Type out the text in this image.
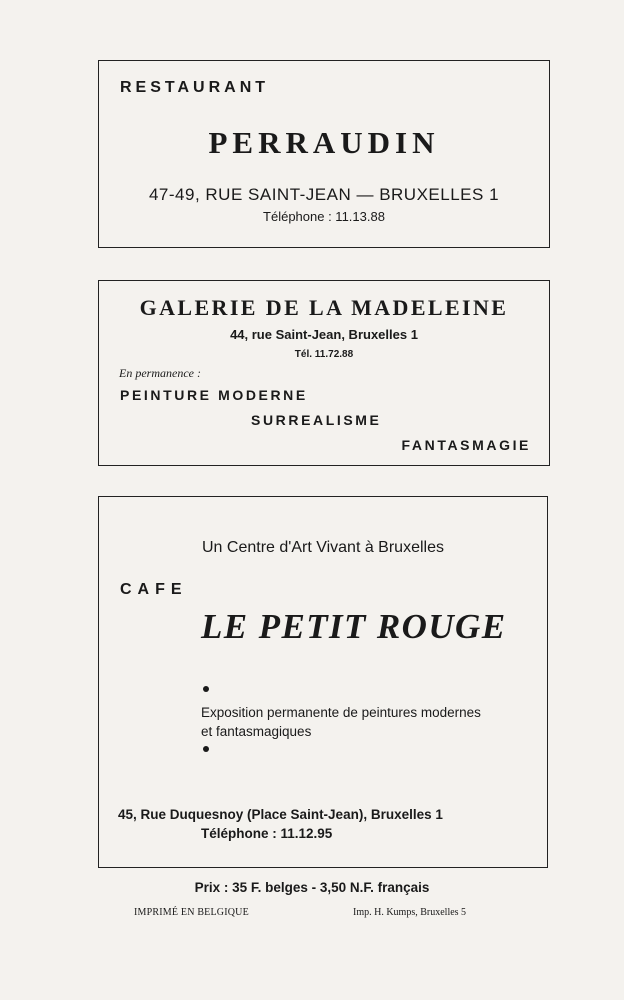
RESTAURANT
PERRAUDIN
47-49, RUE SAINT-JEAN — BRUXELLES 1
Téléphone : 11.13.88
GALERIE DE LA MADELEINE
44, rue Saint-Jean, Bruxelles 1
Tél. 11.72.88
En permanence :
PEINTURE MODERNE
SURREALISME
FANTASMAGIE
Un Centre d'Art Vivant à Bruxelles
CAFE
LE PETIT ROUGE
Exposition permanente de peintures modernes
et fantasmagiques
45, Rue Duquesnoy (Place Saint-Jean), Bruxelles 1
Téléphone : 11.12.95
Prix : 35 F. belges - 3,50 N.F. français
IMPRIMÉ EN BELGIQUE	Imp. H. Kumps, Bruxelles 5
